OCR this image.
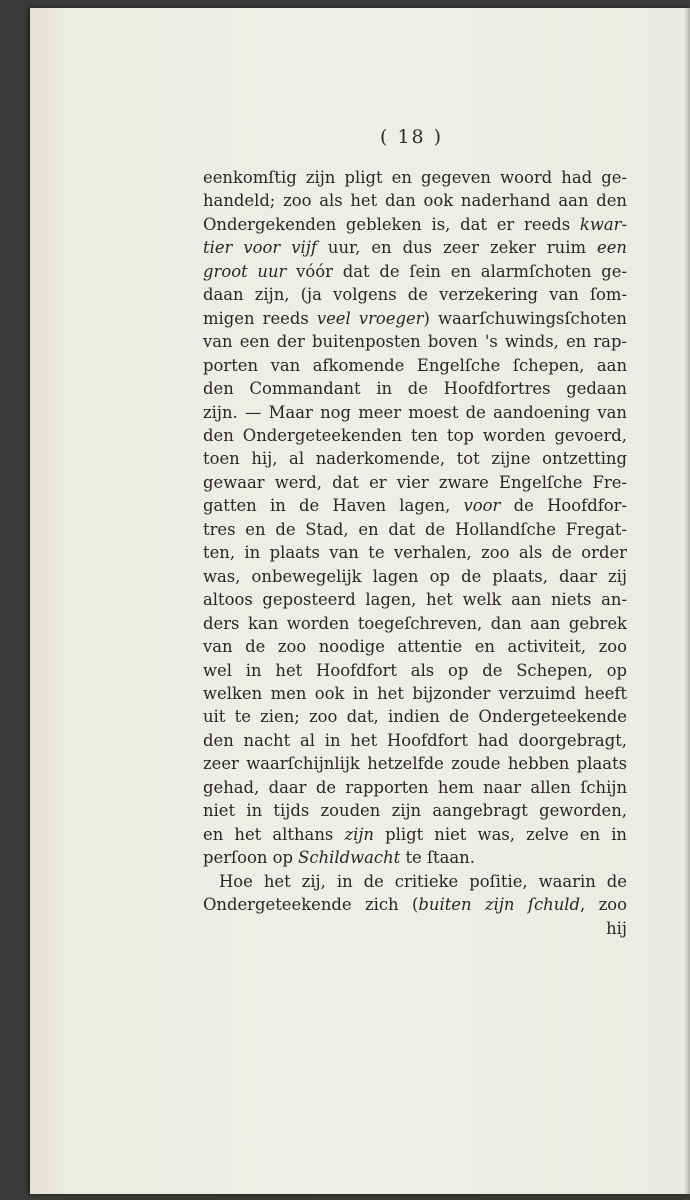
( 18 )
eenkomſtig zijn pligt en gegeven woord had ge-
handeld; zoo als het dan ook naderhand aan den
Ondergekenden gebleken is, dat er reeds kwar-
tier voor vijf uur, en dus zeer zeker ruim een
groot uur vóór dat de ſein en alarmſchoten ge-
daan zijn, (ja volgens de verzekering van ſom-
migen reeds veel vroeger) waarſchuwingsſchoten
van een der buitenposten boven 's winds, en rap-
porten van afkomende Engelſche ſchepen, aan
den Commandant in de Hoofdfortres gedaan
zijn. — Maar nog meer moest de aandoening van
den Ondergeteekenden ten top worden gevoerd,
toen hij, al naderkomende, tot zijne ontzetting
gewaar werd, dat er vier zware Engelſche Fre-
gatten in de Haven lagen, voor de Hoofdfor-
tres en de Stad, en dat de Hollandſche Fregat-
ten, in plaats van te verhalen, zoo als de order
was, onbewegelijk lagen op de plaats, daar zij
altoos geposteerd lagen, het welk aan niets an-
ders kan worden toegeſchreven, dan aan gebrek
van de zoo noodige attentie en activiteit, zoo
wel in het Hoofdfort als op de Schepen, op
welken men ook in het bijzonder verzuimd heeft
uit te zien; zoo dat, indien de Ondergeteekende
den nacht al in het Hoofdfort had doorgebragt,
zeer waarſchijnlijk hetzelfde zoude hebben plaats
gehad, daar de rapporten hem naar allen ſchijn
niet in tijds zouden zijn aangebragt geworden,
en het althans zijn pligt niet was, zelve en in
perſoon op Schildwacht te ſtaan.
Hoe het zij, in de critieke poſitie, waarin de
Ondergeteekende zich (buiten zijn ſchuld, zoo
hij
